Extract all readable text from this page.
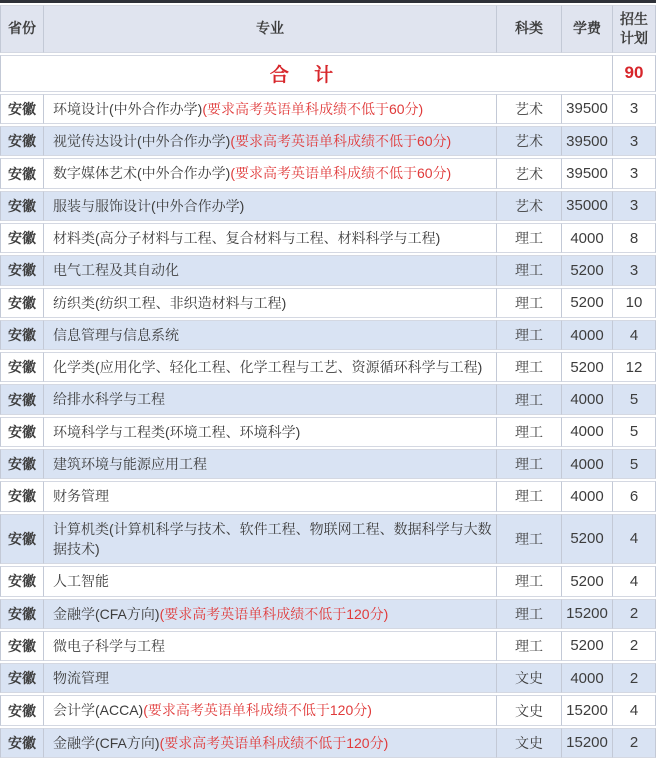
省份	专业	科类	学费	招生计划
合 计				90
安徽	环境设计(中外合作办学)(要求高考英语单科成绩不低于60分)	艺术	39500	3
安徽	视觉传达设计(中外合作办学)(要求高考英语单科成绩不低于60分)	艺术	39500	3
安徽	数字媒体艺术(中外合作办学)(要求高考英语单科成绩不低于60分)	艺术	39500	3
安徽	服装与服饰设计(中外合作办学)	艺术	35000	3
安徽	材料类(高分子材料与工程、复合材料与工程、材料科学与工程)	理工	4000	8
安徽	电气工程及其自动化	理工	5200	3
安徽	纺织类(纺织工程、非织造材料与工程)	理工	5200	10
安徽	信息管理与信息系统	理工	4000	4
安徽	化学类(应用化学、轻化工程、化学工程与工艺、资源循环科学与工程)	理工	5200	12
安徽	给排水科学与工程	理工	4000	5
安徽	环境科学与工程类(环境工程、环境科学)	理工	4000	5
安徽	建筑环境与能源应用工程	理工	4000	5
安徽	财务管理	理工	4000	6
安徽	计算机类(计算机科学与技术、软件工程、物联网工程、数据科学与大数据技术)	理工	5200	4
安徽	人工智能	理工	5200	4
安徽	金融学(CFA方向)(要求高考英语单科成绩不低于120分)	理工	15200	2
安徽	微电子科学与工程	理工	5200	2
安徽	物流管理	文史	4000	2
安徽	会计学(ACCA)(要求高考英语单科成绩不低于120分)	文史	15200	4
安徽	金融学(CFA方向)(要求高考英语单科成绩不低于120分)	文史	15200	2
